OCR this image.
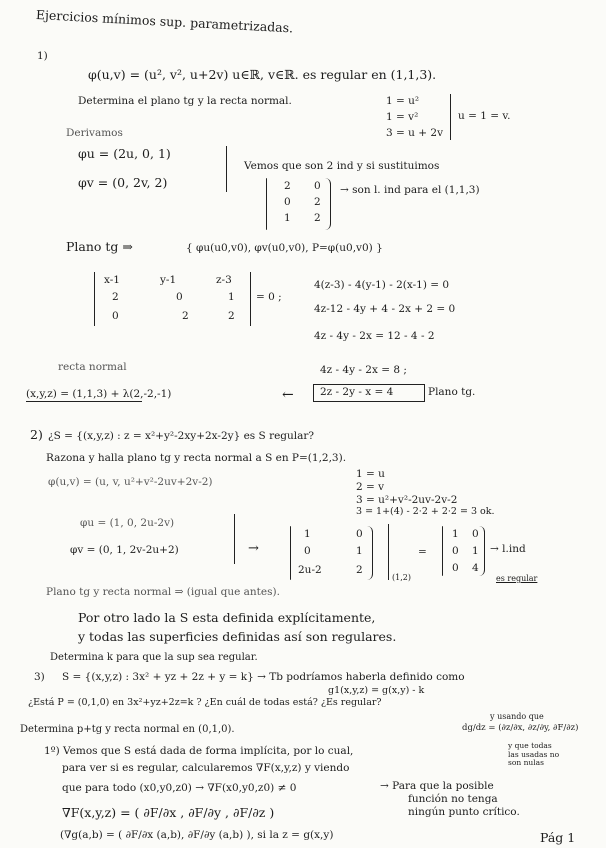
Ejercicios mínimos sup. parametrizadas.
1)
φ(u,v) = (u², v², u+2v) u∈ℝ, v∈ℝ. es regular en (1,1,3).
Determina el plano tg y la recta normal.	1 = u²
1 = v²
3 = u + 2v
u = 1 = v.
Derivamos
φu = (2u, 0, 1)
φv = (0, 2v, 2)
Vemos que son 2 ind y si sustituimos
2 0
0 2
1 2
→ son l. ind para el (1,1,3)
Plano tg ⇒	{ φu(u0,v0), φv(u0,v0), P=φ(u0,v0) }
x-1	y-1	z-3
2	0	1
0	2	2
= 0 ;
4(z-3) - 4(y-1) - 2(x-1) = 0
4z-12 - 4y + 4 - 2x + 2 = 0
4z - 4y - 2x = 12 - 4 - 2
4z - 4y - 2x = 8 ;
recta normal
(x,y,z) = (1,1,3) + λ(2,-2,-1)	←	2z - 2y - x = 4	Plano tg.
2) ¿S = {(x,y,z) : z = x²+y²-2xy+2x-2y} es S regular?
Razona y halla plano tg y recta normal a S en P=(1,2,3).
φ(u,v) = (u, v, u²+v²-2uv+2v-2)
1 = u
2 = v
3 = u²+v²-2uv-2v-2
3 = 1+(4) - 2·2 + 2·2 = 3 ok.
φu = (1, 0, 2u-2v)
φv = (0, 1, 2v-2u+2)	→
1	0
0	1
2u-2	2
(1,2)
=
1 0
0 1
0 4
→ l.ind
es regular
Plano tg y recta normal ⇒ (igual que antes).
Por otro lado la S esta definida explícitamente,
y todas las superficies definidas así son regulares.
Determina k para que la sup sea regular.
3) S = {(x,y,z) : 3x² + yz + 2z + y = k} → Tb podríamos haberla definido como
g1(x,y,z) = g(x,y) - k
¿Está P = (0,1,0) en 3x²+yz+2z=k ? ¿En cuál de todas está? ¿Es regular?
y usando que
dg/dz = (∂z/∂x, ∂z/∂y, ∂F/∂z)
y que todas las usadas no son nulas
Determina p+tg y recta normal en (0,1,0).
1º) Vemos que S está dada de forma implícita, por lo cual,
para ver si es regular, calcularemos ∇F(x,y,z) y viendo
que para todo (x0,y0,z0) → ∇F(x0,y0,z0) ≠ 0	→ Para que la posible
función no tenga
ningún punto crítico.
∇F(x,y,z) = ( ∂F/∂x , ∂F/∂y , ∂F/∂z )
(∇g(a,b) = ( ∂F/∂x (a,b), ∂F/∂y (a,b) ), si la z = g(x,y)	Pág 1
